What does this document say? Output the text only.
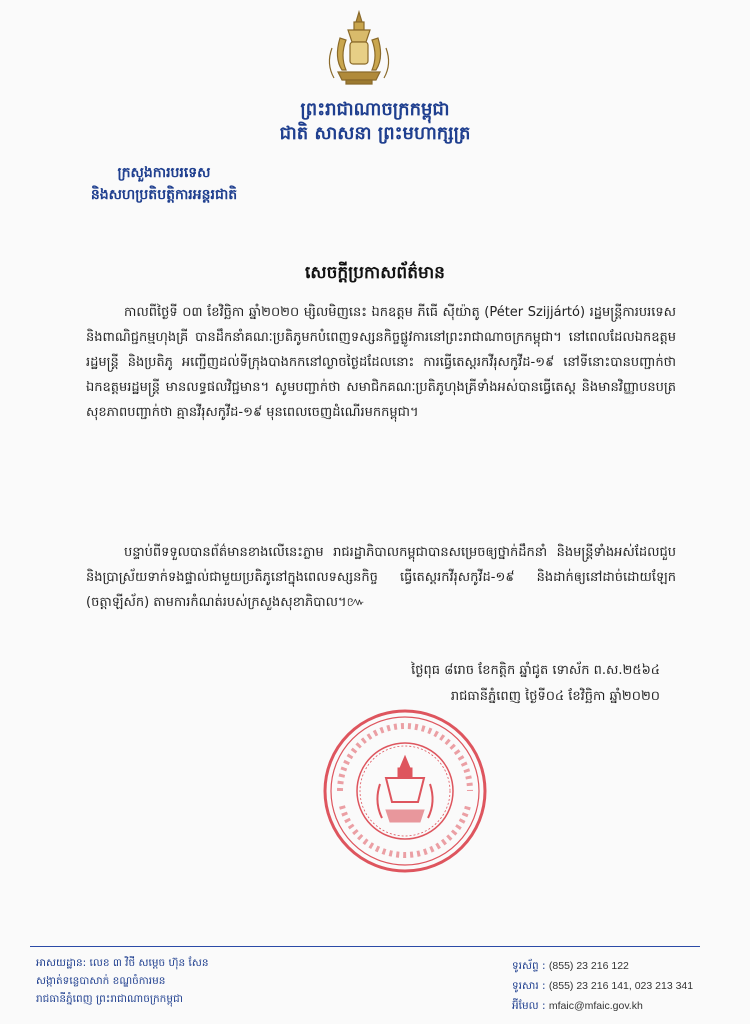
ព្រះរាជាណាចក្រកម្ពុជា
ជាតិ សាសនា ព្រះមហាក្សត្រ
ក្រសួងការបរទេស
និងសហប្រតិបត្តិការអន្តរជាតិ
សេចក្តីប្រកាសព័ត៌មាន
កាលពីថ្ងៃទី ០៣ ខែវិច្ឆិកា ឆ្នាំ២០២០ ម្សិលមិញនេះ ឯកឧត្តម ភីធើ ស៊ីយ៉ាតូ (Péter Szijjártó) រដ្ឋមន្ត្រីការបរទេសនិងពាណិជ្ជកម្មហុងគ្រី បានដឹកនាំគណៈប្រតិភូមកបំពេញទស្សនកិច្ចផ្លូវការនៅព្រះរាជាណាចក្រកម្ពុជា។ នៅពេលដែលឯកឧត្តមរដ្ឋមន្ត្រី និងប្រតិភូ អញ្ជើញដល់ទីក្រុងបាងកកនៅល្ងាចថ្ងៃដដែលនោះ ការធ្វើតេស្តរកវីរុសកូវីដ-១៩ នៅទីនោះបានបញ្ជាក់ថា ឯកឧត្តមរដ្ឋមន្ត្រី មានលទ្ធផលវិជ្ជមាន។ សូមបញ្ជាក់ថា សមាជិកគណៈប្រតិភូហុងគ្រីទាំងអស់បានធ្វើតេស្ត និងមានវិញ្ញាបនបត្រសុខភាពបញ្ជាក់ថា គ្មានវីរុសកូវីដ-១៩ មុនពេលចេញដំណើរមកកម្ពុជា។
បន្ទាប់ពីទទួលបានព័ត៌មានខាងលើនេះភ្លាម រាជរដ្ឋាភិបាលកម្ពុជាបានសម្រេចឲ្យថ្នាក់ដឹកនាំ និងមន្ត្រីទាំងអស់ដែលជួបនិងប្រាស្រ័យទាក់ទងផ្ទាល់ជាមួយប្រតិភូនៅក្នុងពេលទស្សនកិច្ច ធ្វើតេស្តរកវីរុសកូវីដ-១៩ និងដាក់ឲ្យនៅដាច់ដោយឡែក (ចត្តាឡីស័ក) តាមការកំណត់របស់ក្រសួងសុខាភិបាល។៚
ថ្ងៃពុធ ៨រោច ខែកត្តិក ឆ្នាំជូត ទោស័ក ព.ស.២៥៦៤
រាជធានីភ្នំពេញ ថ្ងៃទី០៤ ខែវិច្ឆិកា ឆ្នាំ២០២០
អាសយដ្ឋាន: លេខ ៣ វិថី សម្តេច ហ៊ុន សែន
សង្កាត់ទន្លេបាសាក់ ខណ្ឌចំការមន
រាជធានីភ្នំពេញ ព្រះរាជាណាចក្រកម្ពុជា
ទូរស័ព្ទ : (855) 23 216 122
ទូរសារ : (855) 23 216 141, 023 213 341
អ៊ីមែល : mfaic@mfaic.gov.kh
